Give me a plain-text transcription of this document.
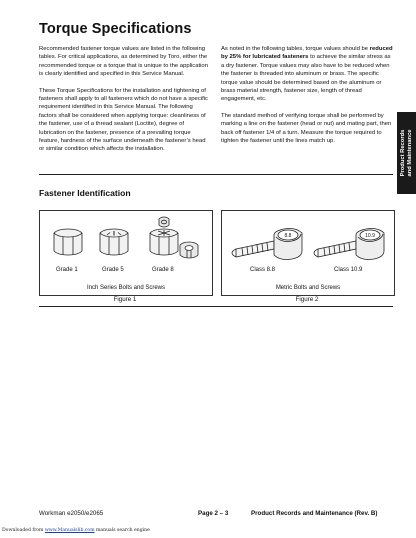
Torque Specifications

Recommended fastener torque values are listed in the following tables. For critical applications, as determined by Toro, either the recommended torque or a torque that is unique to the application is clearly identified and specified in this Service Manual.

These Torque Specifications for the installation and tightening of fasteners shall apply to all fasteners which do not have a specific requirement identified in this Service Manual. The following factors shall be considered when applying torque: cleanliness of the fastener, use of a thread sealant (Loctite), degree of lubrication on the fastener, presence of a prevailing torque feature, hardness of the surface underneath the fastener’s head or similar condition which affects the installation.

As noted in the following tables, torque values should be reduced by 25% for lubricated fasteners to achieve the similar stress as a dry fastener. Torque values may also have to be reduced when the fastener is threaded into aluminum or brass. The specific torque value should be determined based on the aluminum or brass material strength, fastener size, length of thread engagement, etc.

The standard method of verifying torque shall be performed by marking a line on the fastener (head or nut) and mating part, then back off fastener 1/4 of a turn. Measure the torque required to tighten the fastener until the lines match up.	Product Records and Maintenance
Fastener Identification
Grade 1	Grade 5	Grade 8
Inch Series Bolts and Screws
Figure 1
8.8	10.9
Class 8.8	Class 10.9
Metric Bolts and Screws
Figure 2
Workman e2050/e2065	Page 2 – 3	Product Records and Maintenance (Rev. B)
Downloaded from www.Manualslib.com manuals search engine
